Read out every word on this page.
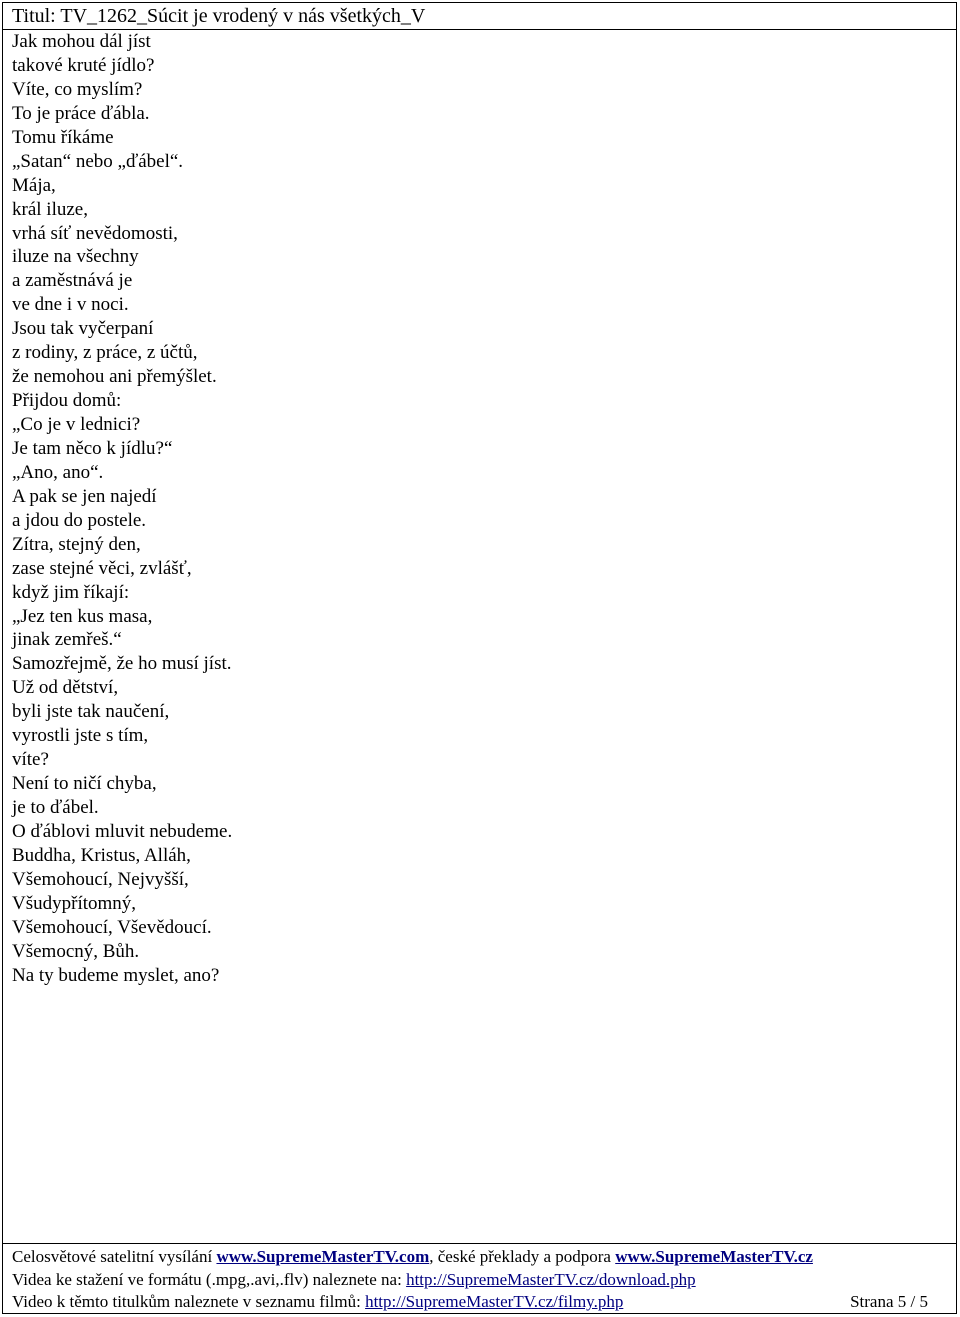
Titul: TV_1262_Súcit je vrodený v nás všetkých_V
Jak mohou dál jíst
takové kruté jídlo?
Víte, co myslím?
To je práce ďábla.
Tomu říkáme
„Satan“ nebo „ďábel“.
Mája,
král iluze,
vrhá síť nevědomosti,
iluze na všechny
a zaměstnává je
ve dne i v noci.
Jsou tak vyčerpaní
z rodiny, z práce, z účtů,
že nemohou ani přemýšlet.
Přijdou domů:
„Co je v lednici?
Je tam něco k jídlu?“
„Ano, ano“.
A pak se jen najedí
a jdou do postele.
Zítra, stejný den,
zase stejné věci, zvlášť,
když jim říkají:
„Jez ten kus masa,
jinak zemřeš.“
Samozřejmě, že ho musí jíst.
Už od dětství,
byli jste tak naučení,
vyrostli jste s tím,
víte?
Není to ničí chyba,
je to ďábel.
O ďáblovi mluvit nebudeme.
Buddha, Kristus, Alláh,
Všemohoucí, Nejvyšší,
Všudypřítomný,
Všemohoucí, Vševědoucí.
Všemocný, Bůh.
Na ty budeme myslet, ano?
Celosvětové satelitní vysílání www.SupremeMasterTV.com, české překlady a podpora www.SupremeMasterTV.cz
Videa ke stažení ve formátu (.mpg,.avi,.flv) naleznete na: http://SupremeMasterTV.cz/download.php
Video k těmto titulkům naleznete v seznamu filmů: http://SupremeMasterTV.cz/filmy.php	Strana 5 / 5
